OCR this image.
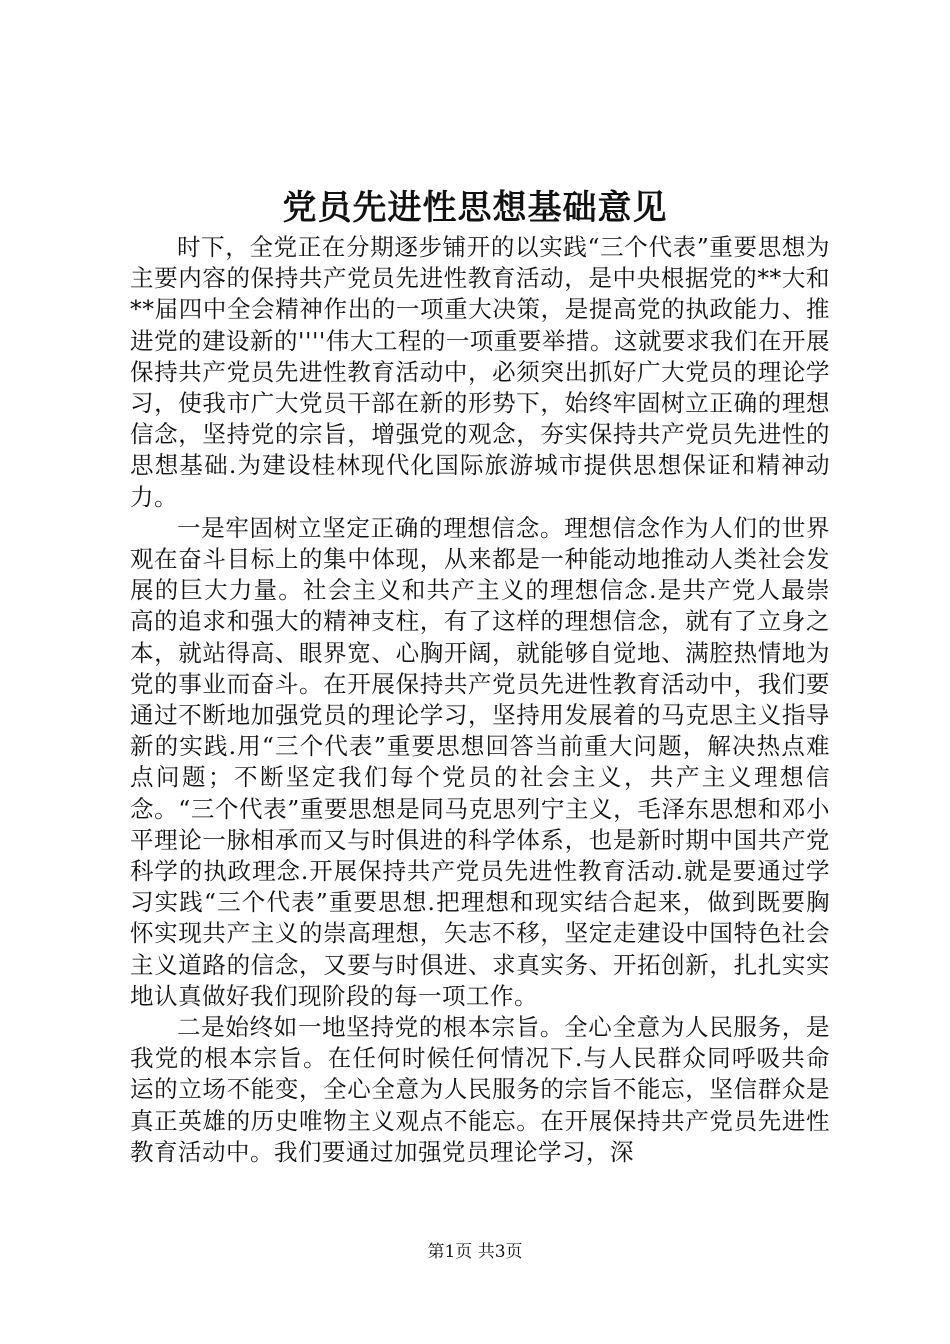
党员先进性思想基础意见

时下，全党正在分期逐步铺开的以实践“三个代表”重要思想为主要内容的保持共产党员先进性教育活动，是中央根据党的**大和**届四中全会精神作出的一项重大决策，是提高党的执政能力、推进党的建设新的''''伟大工程的一项重要举措。这就要求我们在开展保持共产党员先进性教育活动中，必须突出抓好广大党员的理论学习，使我市广大党员干部在新的形势下，始终牢固树立正确的理想信念，坚持党的宗旨，增强党的观念，夯实保持共产党员先进性的思想基础.为建设桂林现代化国际旅游城市提供思想保证和精神动力。

一是牢固树立坚定正确的理想信念。理想信念作为人们的世界观在奋斗目标上的集中体现，从来都是一种能动地推动人类社会发展的巨大力量。社会主义和共产主义的理想信念.是共产党人最崇高的追求和强大的精神支柱，有了这样的理想信念，就有了立身之本，就站得高、眼界宽、心胸开阔，就能够自觉地、满腔热情地为党的事业而奋斗。在开展保持共产党员先进性教育活动中，我们要通过不断地加强党员的理论学习，坚持用发展着的马克思主义指导新的实践.用“三个代表”重要思想回答当前重大问题，解决热点难点问题；不断坚定我们每个党员的社会主义，共产主义理想信念。“三个代表”重要思想是同马克思列宁主义，毛泽东思想和邓小平理论一脉相承而又与时俱进的科学体系，也是新时期中国共产党科学的执政理念.开展保持共产党员先进性教育活动.就是要通过学习实践“三个代表”重要思想.把理想和现实结合起来，做到既要胸怀实现共产主义的崇高理想，矢志不移，坚定走建设中国特色社会主义道路的信念，又要与时俱进、求真实务、开拓创新，扎扎实实地认真做好我们现阶段的每一项工作。

二是始终如一地坚持党的根本宗旨。全心全意为人民服务，是我党的根本宗旨。在任何时候任何情况下.与人民群众同呼吸共命运的立场不能变，全心全意为人民服务的宗旨不能忘，坚信群众是真正英雄的历史唯物主义观点不能忘。在开展保持共产党员先进性教育活动中。我们要通过加强党员理论学习，深

第1页 共3页
